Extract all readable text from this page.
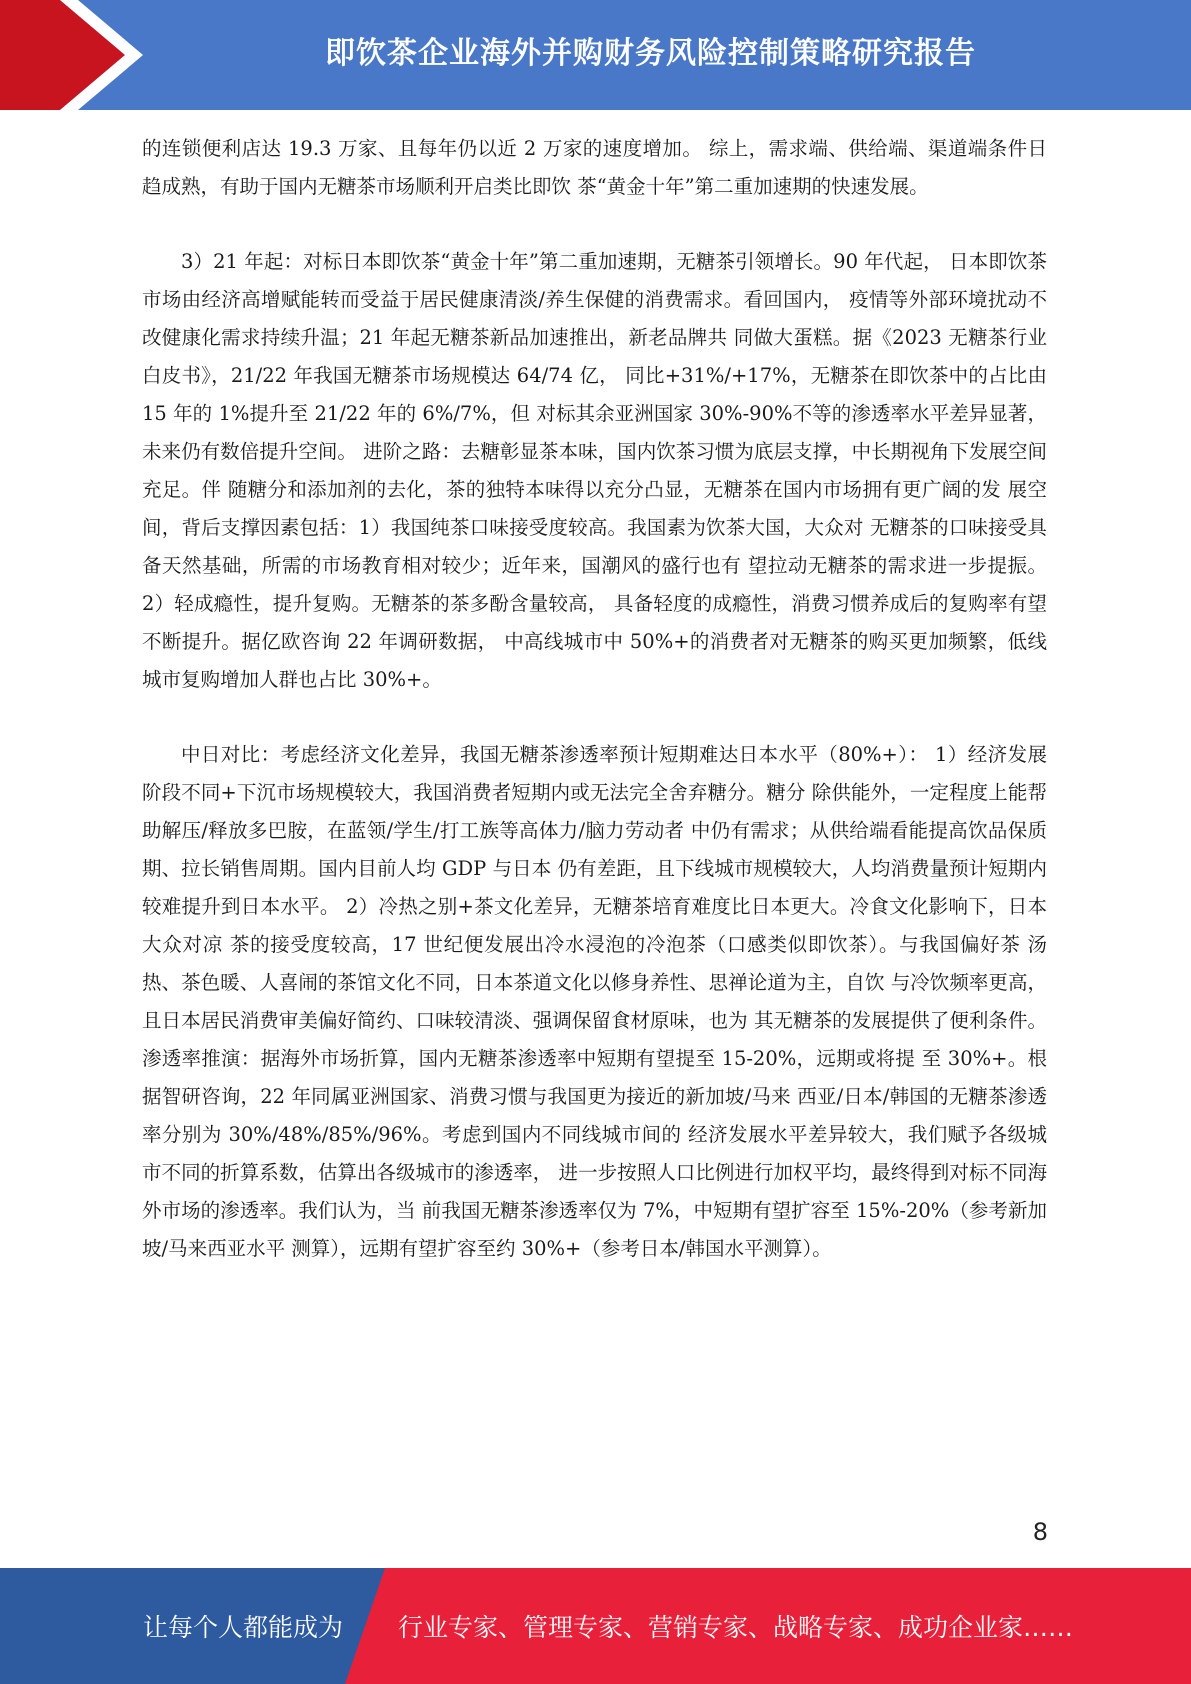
即饮茶企业海外并购财务风险控制策略研究报告

的连锁便利店达 19.3 万家、且每年仍以近 2 万家的速度增加。 综上，需求端、供给端、渠道端条件日趋成熟，有助于国内无糖茶市场顺利开启类比即饮 茶“黄金十年”第二重加速期的快速发展。

3）21 年起：对标日本即饮茶“黄金十年”第二重加速期，无糖茶引领增长。90 年代起， 日本即饮茶市场由经济高增赋能转而受益于居民健康清淡/养生保健的消费需求。看回国内， 疫情等外部环境扰动不改健康化需求持续升温；21 年起无糖茶新品加速推出，新老品牌共 同做大蛋糕。据《2023 无糖茶行业白皮书》，21/22 年我国无糖茶市场规模达 64/74 亿， 同比+31%/+17%，无糖茶在即饮茶中的占比由 15 年的 1%提升至 21/22 年的 6%/7%，但 对标其余亚洲国家 30%-90%不等的渗透率水平差异显著，未来仍有数倍提升空间。 进阶之路：去糖彰显茶本味，国内饮茶习惯为底层支撑，中长期视角下发展空间充足。伴 随糖分和添加剂的去化，茶的独特本味得以充分凸显，无糖茶在国内市场拥有更广阔的发 展空间，背后支撑因素包括：1）我国纯茶口味接受度较高。我国素为饮茶大国，大众对 无糖茶的口味接受具备天然基础，所需的市场教育相对较少；近年来，国潮风的盛行也有 望拉动无糖茶的需求进一步提振。2）轻成瘾性，提升复购。无糖茶的茶多酚含量较高， 具备轻度的成瘾性，消费习惯养成后的复购率有望不断提升。据亿欧咨询 22 年调研数据， 中高线城市中 50%+的消费者对无糖茶的购买更加频繁，低线城市复购增加人群也占比 30%+。

中日对比：考虑经济文化差异，我国无糖茶渗透率预计短期难达日本水平（80%+）： 1）经济发展阶段不同+下沉市场规模较大，我国消费者短期内或无法完全舍弃糖分。糖分 除供能外，一定程度上能帮助解压/释放多巴胺，在蓝领/学生/打工族等高体力/脑力劳动者 中仍有需求；从供给端看能提高饮品保质期、拉长销售周期。国内目前人均 GDP 与日本 仍有差距，且下线城市规模较大，人均消费量预计短期内较难提升到日本水平。 2）冷热之别+茶文化差异，无糖茶培育难度比日本更大。冷食文化影响下，日本大众对凉 茶的接受度较高，17 世纪便发展出冷水浸泡的冷泡茶（口感类似即饮茶）。与我国偏好茶 汤热、茶色暖、人喜闹的茶馆文化不同，日本茶道文化以修身养性、思禅论道为主，自饮 与冷饮频率更高，且日本居民消费审美偏好简约、口味较清淡、强调保留食材原味，也为 其无糖茶的发展提供了便利条件。 渗透率推演：据海外市场折算，国内无糖茶渗透率中短期有望提至 15-20%，远期或将提 至 30%+。根据智研咨询，22 年同属亚洲国家、消费习惯与我国更为接近的新加坡/马来 西亚/日本/韩国的无糖茶渗透率分别为 30%/48%/85%/96%。考虑到国内不同线城市间的 经济发展水平差异较大，我们赋予各级城市不同的折算系数，估算出各级城市的渗透率， 进一步按照人口比例进行加权平均，最终得到对标不同海外市场的渗透率。我们认为，当 前我国无糖茶渗透率仅为 7%，中短期有望扩容至 15%-20%（参考新加坡/马来西亚水平 测算），远期有望扩容至约 30%+（参考日本/韩国水平测算）。

8
让每个人都能成为 行业专家、管理专家、营销专家、战略专家、成功企业家……
